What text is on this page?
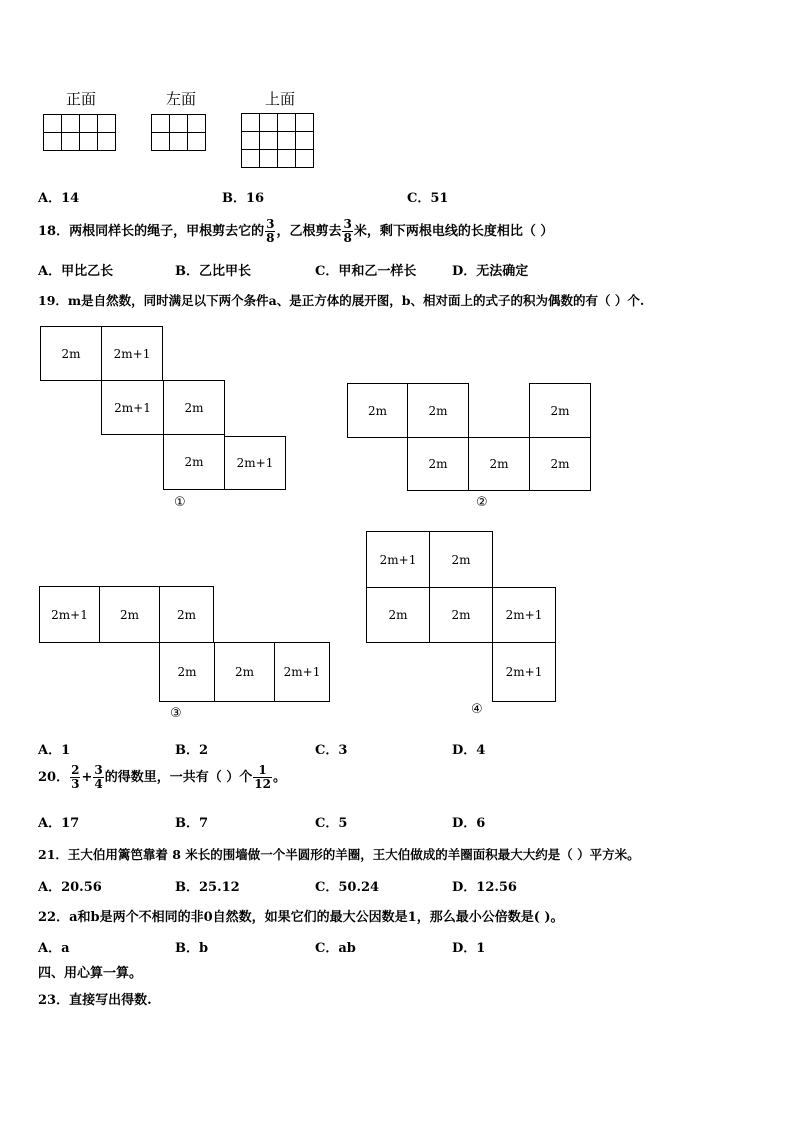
正面	左面	上面

A．14	B．16	C．51
18．两根同样长的绳子，甲根剪去它的 $\frac{3}{8}$ ，乙根剪去 $\frac{3}{8}$ 米，剩下两根电线的长度相比（ ）
A．甲比乙长	B．乙比甲长	C．甲和乙一样长	D．无法确定
19．m是自然数，同时满足以下两个条件a、是正方体的展开图，b、相对面上的式子的积为偶数的有（ ）个.
2m	2m+1
2m+1	2m
2m	2m+1
①
2m	2m	2m
2m	2m	2m
②
2m+1	2m	2m
2m	2m	2m+1
③
2m+1	2m
2m	2m	2m+1
2m+1
④
A．1	B．2	C．3	D．4
20． $\frac{2}{3} + \frac{3}{4}$ 的得数里，一共有（ ）个 $\frac{1}{12}$ 。
A．17	B．7	C．5	D．6
21．王大伯用篱笆靠着 8 米长的围墙做一个半圆形的羊圈，王大伯做成的羊圈面积最大大约是（ ）平方米。
A．20.56	B．25.12	C．50.24	D．12.56
22．a和b是两个不相同的非0自然数，如果它们的最大公因数是1，那么最小公倍数是( )。
A．a	B．b	C．ab	D．1
四、用心算一算。
23．直接写出得数.
